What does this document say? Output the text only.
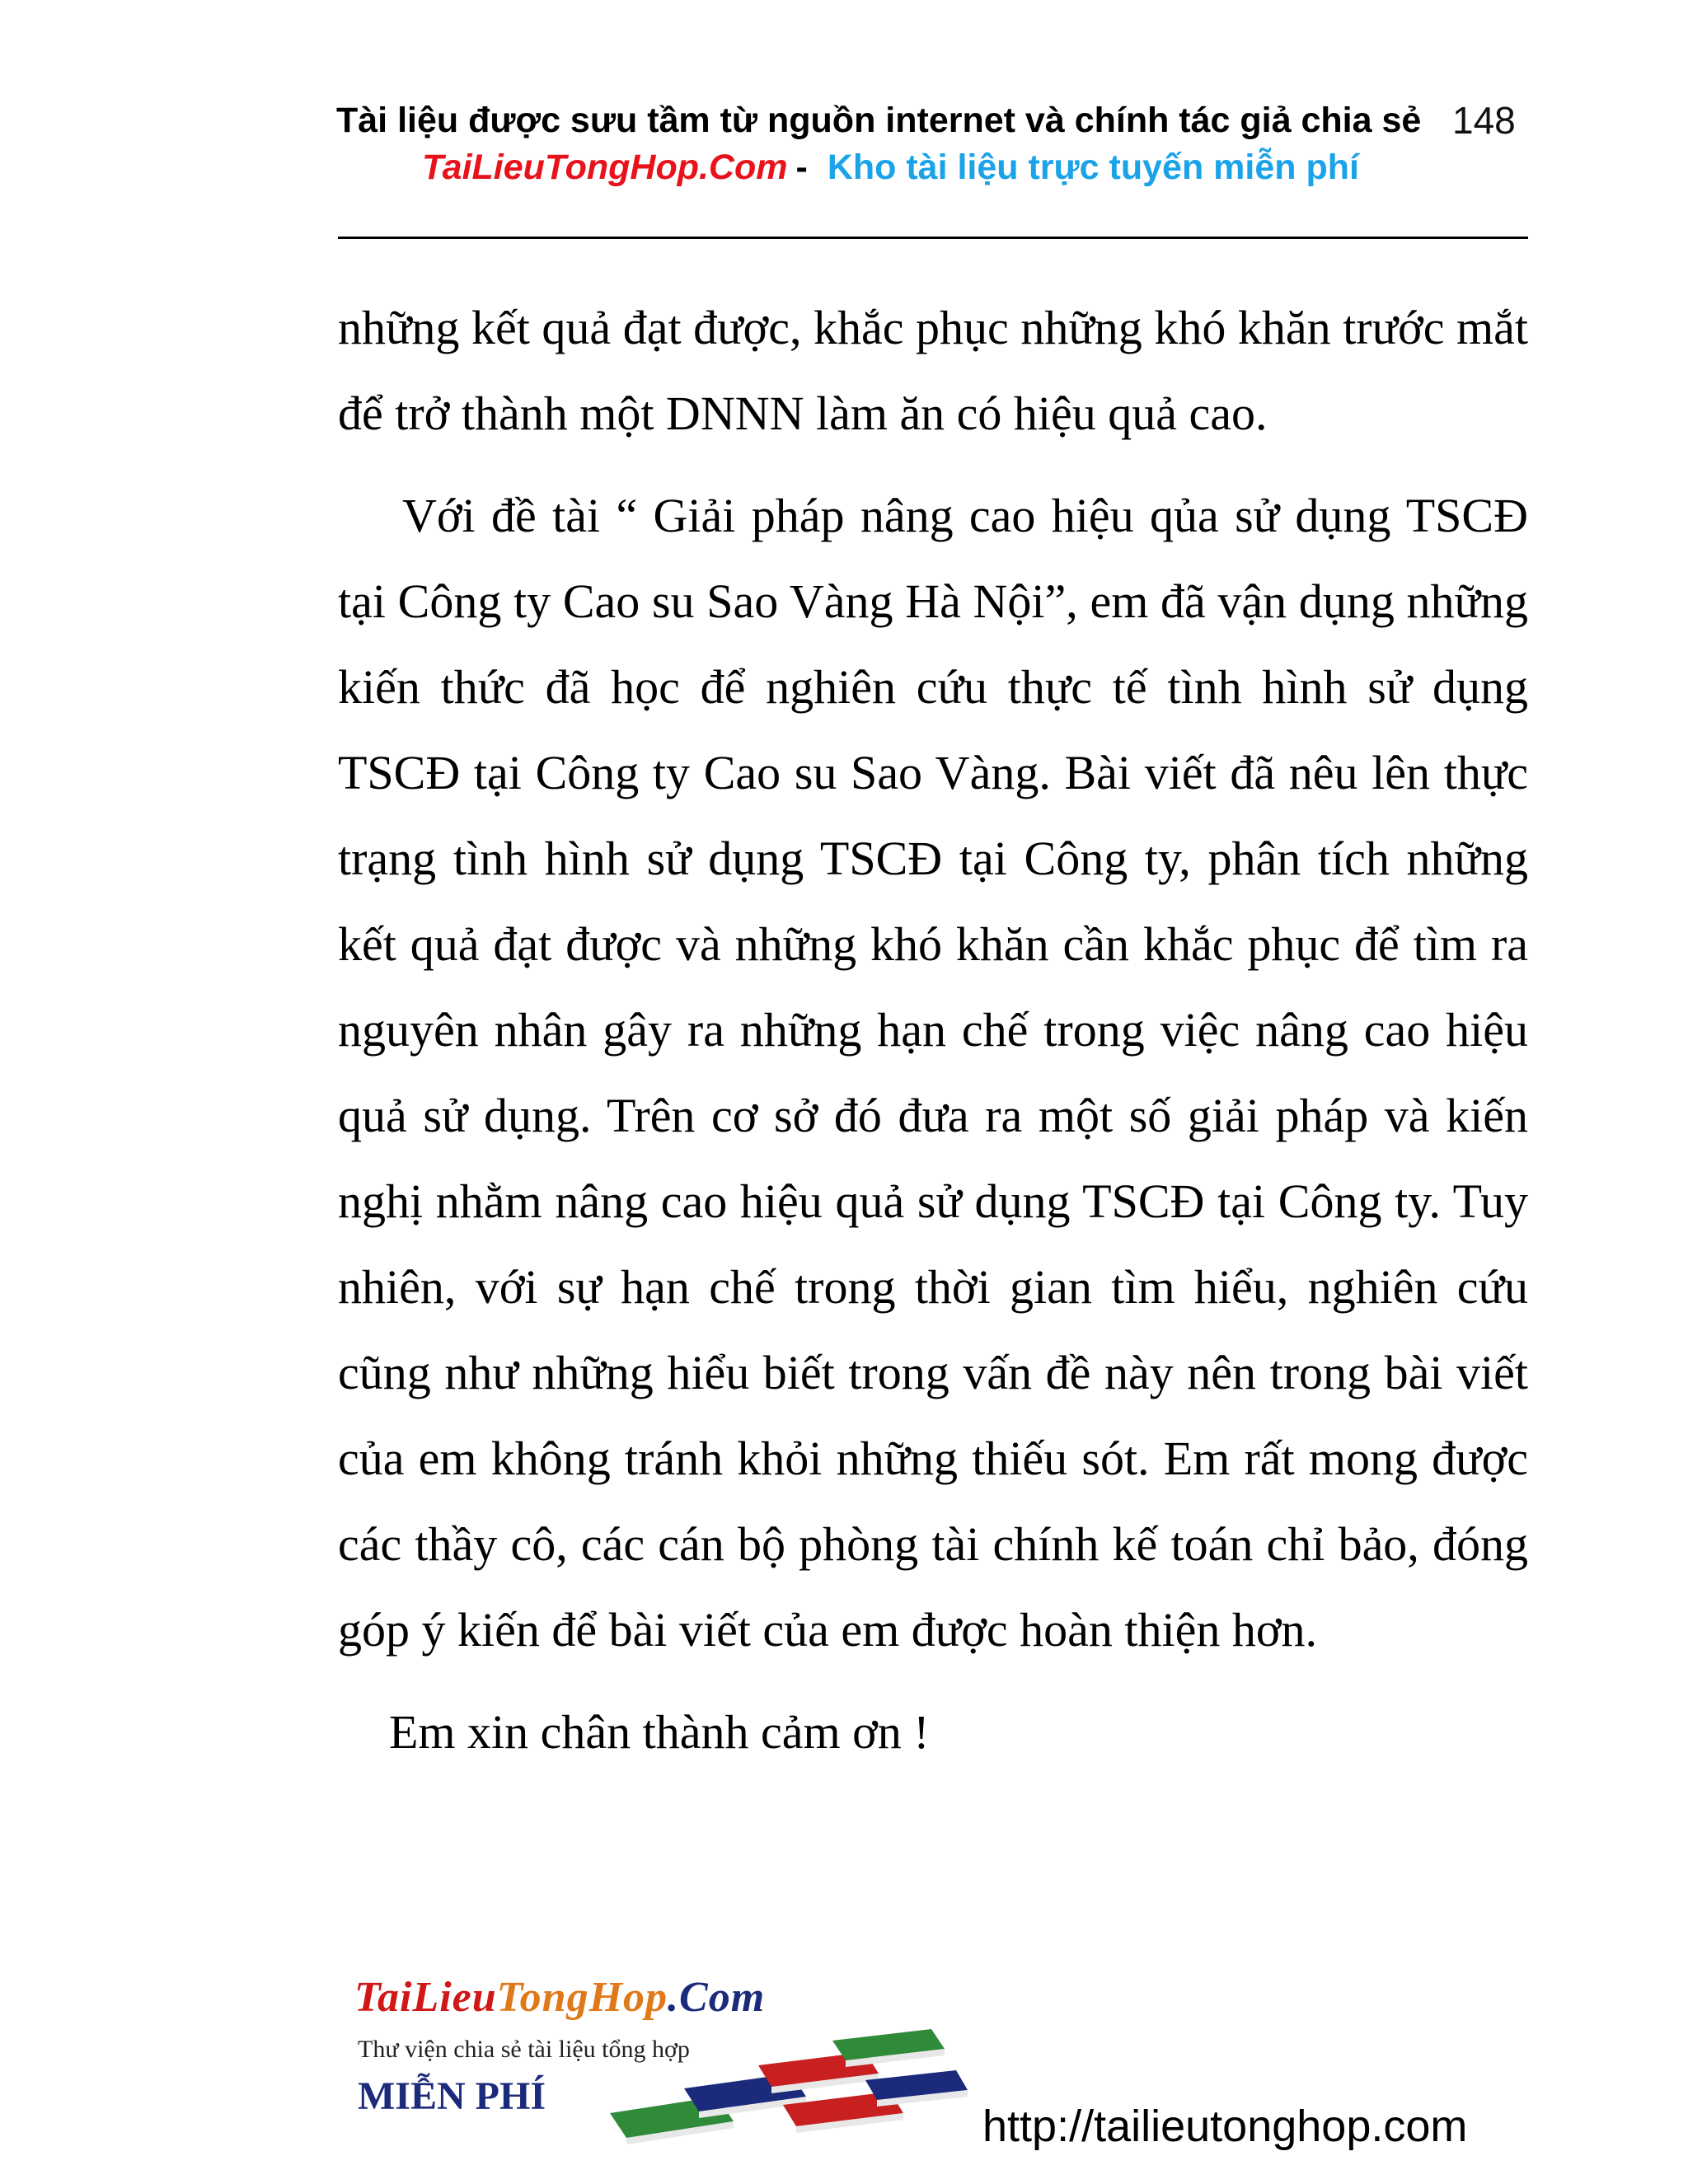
Tài liệu được sưu tầm từ nguồn internet và chính tác giả chia sẻ 148
TaiLieuTongHop.Com - Kho tài liệu trực tuyến miễn phí

những kết quả đạt được, khắc phục những khó khăn trước mắt để trở thành một DNNN làm ăn có hiệu quả cao.

Với đề tài “ Giải pháp nâng cao hiệu qủa sử dụng TSCĐ tại Công ty Cao su Sao Vàng Hà Nội”, em đã vận dụng những kiến thức đã học để nghiên cứu thực tế tình hình sử dụng TSCĐ tại Công ty Cao su Sao Vàng. Bài viết đã nêu lên thực trạng tình hình sử dụng TSCĐ tại Công ty, phân tích những kết quả đạt được và những khó khăn cần khắc phục để tìm ra nguyên nhân gây ra những hạn chế trong việc nâng cao hiệu quả sử dụng. Trên cơ sở đó đưa ra một số giải pháp và kiến nghị nhằm nâng cao hiệu quả sử dụng TSCĐ tại Công ty. Tuy nhiên, với sự hạn chế trong thời gian tìm hiểu, nghiên cứu cũng như những hiểu biết trong vấn đề này nên trong bài viết của em không tránh khỏi những thiếu sót. Em rất mong được các thầy cô, các cán bộ phòng tài chính kế toán chỉ bảo, đóng góp ý kiến để bài viết của em được hoàn thiện hơn.

Em xin chân thành cảm ơn !

TaiLieuTongHop.Com
Thư viện chia sẻ tài liệu tổng hợp
MIỄN PHÍ
http://tailieutonghop.com
